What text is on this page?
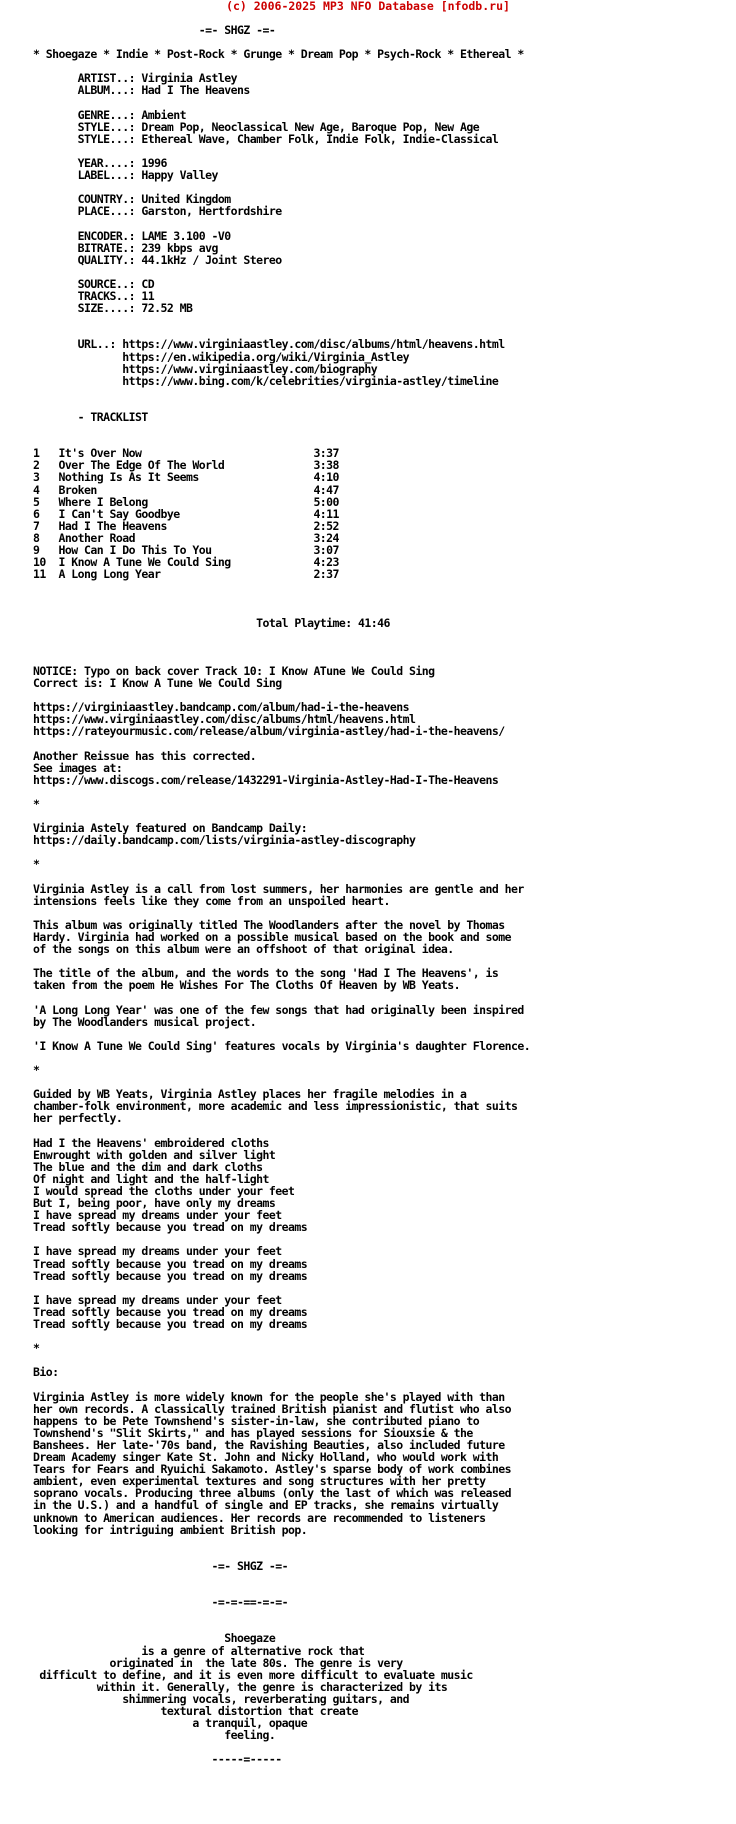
(c) 2006-2025 MP3 NFO Database [nfodb.ru]
-=- SHGZ -=-

* Shoegaze * Indie * Post-Rock * Grunge * Dream Pop * Psych-Rock * Ethereal *

ARTIST..: Virginia Astley
ALBUM...: Had I The Heavens

GENRE...: Ambient
STYLE...: Dream Pop, Neoclassical New Age, Baroque Pop, New Age
STYLE...: Ethereal Wave, Chamber Folk, Indie Folk, Indie-Classical

YEAR....: 1996
LABEL...: Happy Valley

COUNTRY.: United Kingdom
PLACE...: Garston, Hertfordshire

ENCODER.: LAME 3.100 -V0
BITRATE.: 239 kbps avg
QUALITY.: 44.1kHz / Joint Stereo

SOURCE..: CD
TRACKS..: 11
SIZE....: 72.52 MB

URL..: https://www.virginiaastley.com/disc/albums/html/heavens.html
https://en.wikipedia.org/wiki/Virginia_Astley
https://www.virginiaastley.com/biography
https://www.bing.com/k/celebrities/virginia-astley/timeline

- TRACKLIST

1   It's Over Now                           3:37
2   Over The Edge Of The World              3:38
3   Nothing Is As It Seems                  4:10
4   Broken                                  4:47
5   Where I Belong                          5:00
6   I Can't Say Goodbye                     4:11
7   Had I The Heavens                       2:52
8   Another Road                            3:24
9   How Can I Do This To You                3:07
10  I Know A Tune We Could Sing             4:23
11  A Long Long Year                        2:37

Total Playtime: 41:46

NOTICE: Typo on back cover Track 10: I Know ATune We Could Sing
Correct is: I Know A Tune We Could Sing

https://virginiaastley.bandcamp.com/album/had-i-the-heavens
https://www.virginiaastley.com/disc/albums/html/heavens.html
https://rateyourmusic.com/release/album/virginia-astley/had-i-the-heavens/

Another Reissue has this corrected.
See images at:
https://www.discogs.com/release/1432291-Virginia-Astley-Had-I-The-Heavens

*

Virginia Astely featured on Bandcamp Daily:
https://daily.bandcamp.com/lists/virginia-astley-discography

*

Virginia Astley is a call from lost summers, her harmonies are gentle and her
intensions feels like they come from an unspoiled heart.

This album was originally titled The Woodlanders after the novel by Thomas
Hardy. Virginia had worked on a possible musical based on the book and some
of the songs on this album were an offshoot of that original idea.

The title of the album, and the words to the song 'Had I The Heavens', is
taken from the poem He Wishes For The Cloths Of Heaven by WB Yeats.

'A Long Long Year' was one of the few songs that had originally been inspired
by The Woodlanders musical project.

'I Know A Tune We Could Sing' features vocals by Virginia's daughter Florence.

*

Guided by WB Yeats, Virginia Astley places her fragile melodies in a
chamber-folk environment, more academic and less impressionistic, that suits
her perfectly.

Had I the Heavens' embroidered cloths
Enwrought with golden and silver light
The blue and the dim and dark cloths
Of night and light and the half-light
I would spread the cloths under your feet
But I, being poor, have only my dreams
I have spread my dreams under your feet
Tread softly because you tread on my dreams

I have spread my dreams under your feet
Tread softly because you tread on my dreams
Tread softly because you tread on my dreams

I have spread my dreams under your feet
Tread softly because you tread on my dreams
Tread softly because you tread on my dreams

*

Bio:

Virginia Astley is more widely known for the people she's played with than
her own records. A classically trained British pianist and flutist who also
happens to be Pete Townshend's sister-in-law, she contributed piano to
Townshend's "Slit Skirts," and has played sessions for Siouxsie & the
Banshees. Her late-'70s band, the Ravishing Beauties, also included future
Dream Academy singer Kate St. John and Nicky Holland, who would work with
Tears for Fears and Ryuichi Sakamoto. Astley's sparse body of work combines
ambient, even experimental textures and song structures with her pretty
soprano vocals. Producing three albums (only the last of which was released
in the U.S.) and a handful of single and EP tracks, she remains virtually
unknown to American audiences. Her records are recommended to listeners
looking for intriguing ambient British pop.

-=- SHGZ -=-

-=-=-==-=-=-

Shoegaze
is a genre of alternative rock that
originated in  the late 80s. The genre is very
difficult to define, and it is even more difficult to evaluate music
within it. Generally, the genre is characterized by its
shimmering vocals, reverberating guitars, and
textural distortion that create
a tranquil, opaque
feeling.

-----=-----
